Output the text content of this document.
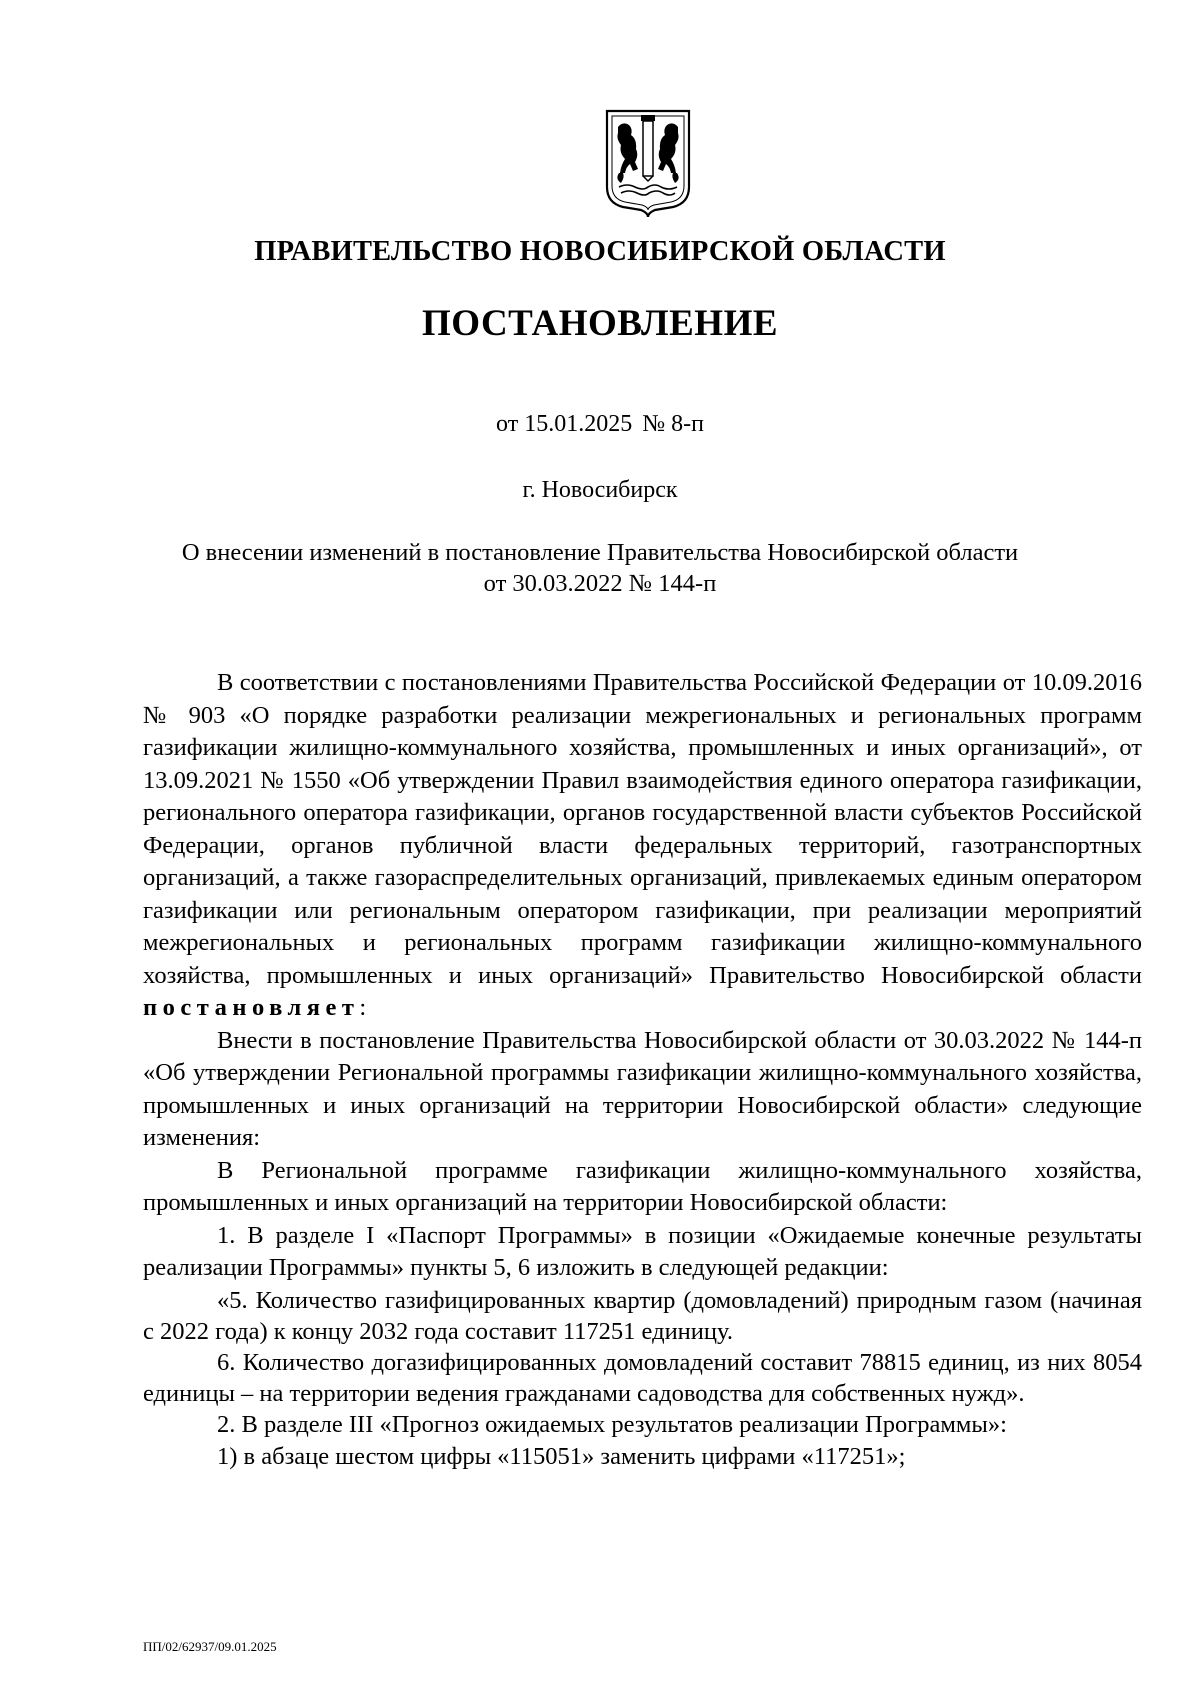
ПРАВИТЕЛЬСТВО НОВОСИБИРСКОЙ ОБЛАСТИ

ПОСТАНОВЛЕНИЕ

от 15.01.2025 № 8-п

г. Новосибирск

О внесении изменений в постановление Правительства Новосибирской области
от 30.03.2022 № 144-п

В соответствии с постановлениями Правительства Российской Федерации от 10.09.2016 № 903 «О порядке разработки реализации межрегиональных и региональных программ газификации жилищно-коммунального хозяйства, промышленных и иных организаций», от 13.09.2021 № 1550 «Об утверждении Правил взаимодействия единого оператора газификации, регионального оператора газификации, органов государственной власти субъектов Российской Федерации, органов публичной власти федеральных территорий, газотранспортных организаций, а также газораспределительных организаций, привлекаемых единым оператором газификации или региональным оператором газификации, при реализации мероприятий межрегиональных и региональных программ газификации жилищно-коммунального хозяйства, промышленных и иных организаций» Правительство Новосибирской области постановляет:

Внести в постановление Правительства Новосибирской области от 30.03.2022 № 144-п «Об утверждении Региональной программы газификации жилищно-коммунального хозяйства, промышленных и иных организаций на территории Новосибирской области» следующие изменения:

В Региональной программе газификации жилищно-коммунального хозяйства, промышленных и иных организаций на территории Новосибирской области:

1. В разделе I «Паспорт Программы» в позиции «Ожидаемые конечные результаты реализации Программы» пункты 5, 6 изложить в следующей редакции:

«5. Количество газифицированных квартир (домовладений) природным газом (начиная с 2022 года) к концу 2032 года составит 117251 единицу.

6. Количество догазифицированных домовладений составит 78815 единиц, из них 8054 единицы – на территории ведения гражданами садоводства для собственных нужд».

2. В разделе III «Прогноз ожидаемых результатов реализации Программы»:

1) в абзаце шестом цифры «115051» заменить цифрами «117251»;

ПП/02/62937/09.01.2025
